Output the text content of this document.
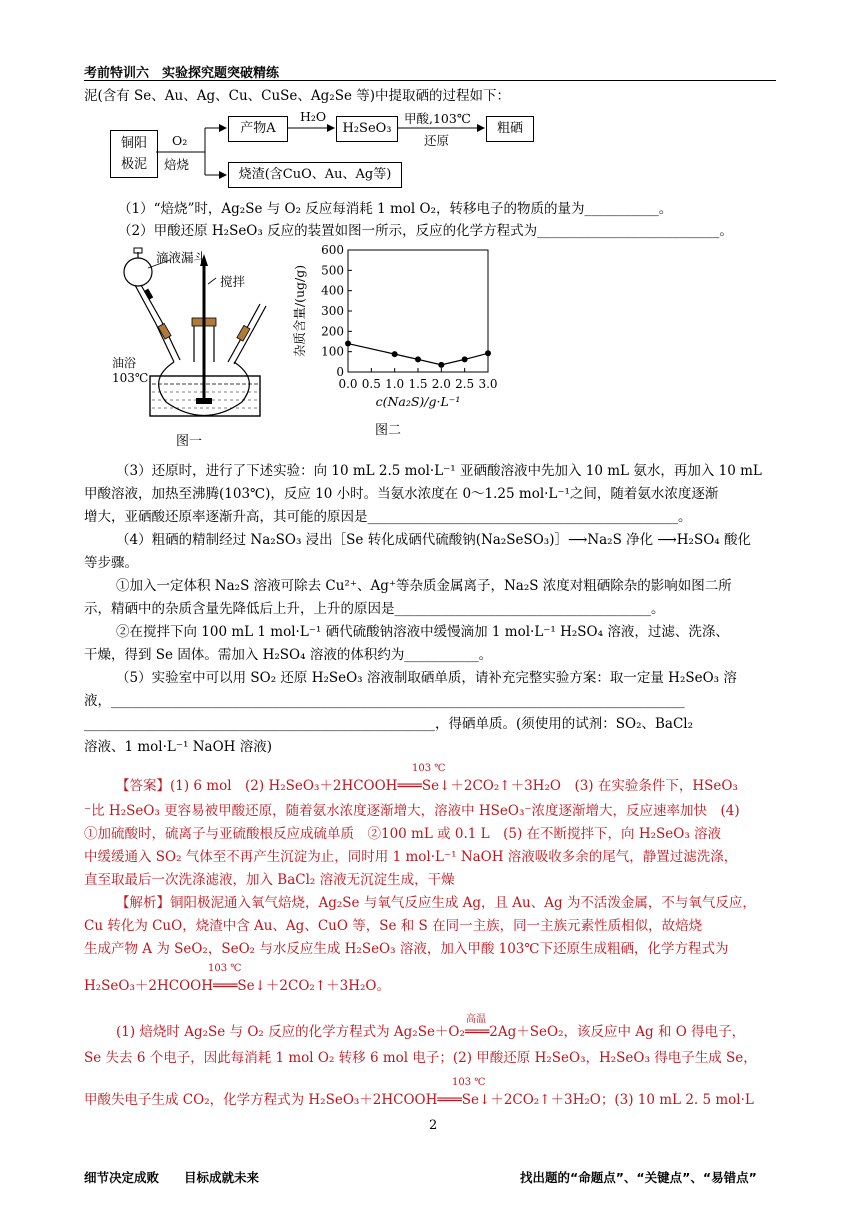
考前特训六　实验探究题突破精练
泥(含有 Se、Au、Ag、Cu、CuSe、Ag₂Se 等)中提取硒的过程如下：
铜阳
极泥
O₂
焙烧
产物A
H₂O
H₂SeO₃
甲酸,103℃
还原
粗硒
烧渣(含CuO、Au、Ag等)
（1）“焙烧”时，Ag₂Se 与 O₂ 反应每消耗 1 mol O₂，转移电子的物质的量为___________。
（2）甲酸还原 H₂SeO₃ 反应的装置如图一所示，反应的化学方程式为___________________________。
滴液漏斗
搅拌
油浴
103℃
图一
0
100
200
300
400
500
600
0.0 0.5 1.0 1.5 2.0 2.5 3.0
c(Na₂S)/g·L⁻¹
杂质含量/(ug/g)
图二
（3）还原时，进行了下述实验：向 10 mL 2.5 mol·L⁻¹ 亚硒酸溶液中先加入 10 mL 氨水，再加入 10 mL
甲酸溶液，加热至沸腾(103℃)，反应 10 小时。当氨水浓度在 0～1.25 mol·L⁻¹之间，随着氨水浓度逐渐
增大，亚硒酸还原率逐渐升高，其可能的原因是______________________________________________。
（4）粗硒的精制经过 Na₂SO₃ 浸出［Se 转化成硒代硫酸钠(Na₂SeSO₃)］⟶Na₂S 净化 ⟶H₂SO₄ 酸化
等步骤。
①加入一定体积 Na₂S 溶液可除去 Cu²⁺、Ag⁺等杂质金属离子，Na₂S 浓度对粗硒除杂的影响如图二所
示，精硒中的杂质含量先降低后上升，上升的原因是______________________________________。
②在搅拌下向 100 mL 1 mol·L⁻¹ 硒代硫酸钠溶液中缓慢滴加 1 mol·L⁻¹ H₂SO₄ 溶液，过滤、洗涤、
干燥，得到 Se 固体。需加入 H₂SO₄ 溶液的体积约为___________。
（5）实验室中可以用 SO₂ 还原 H₂SeO₃ 溶液制取硒单质，请补充完整实验方案：取一定量 H₂SeO₃ 溶
液，_____________________________________________________________________________________
____________________________________________________，得硒单质。(须使用的试剂：SO₂、BaCl₂
溶液、1 mol·L⁻¹ NaOH 溶液)
【答案】(1) 6 mol　(2) H₂SeO₃＋2HCOOH═══Se↓＋2CO₂↑＋3H₂O　(3) 在实验条件下，HSeO₃
103 ℃
⁻比 H₂SeO₃ 更容易被甲酸还原，随着氨水浓度逐渐增大，溶液中 HSeO₃⁻浓度逐渐增大，反应速率加快　(4)
①加硫酸时，硫离子与亚硫酸根反应成硫单质　②100 mL 或 0.1 L　(5) 在不断搅拌下，向 H₂SeO₃ 溶液
中缓缓通入 SO₂ 气体至不再产生沉淀为止，同时用 1 mol·L⁻¹ NaOH 溶液吸收多余的尾气，静置过滤洗涤，
直至取最后一次洗涤滤液，加入 BaCl₂ 溶液无沉淀生成，干燥
【解析】铜阳极泥通入氧气焙烧，Ag₂Se 与氧气反应生成 Ag，且 Au、Ag 为不活泼金属，不与氧气反应，
Cu 转化为 CuO，烧渣中含 Au、Ag、CuO 等，Se 和 S 在同一主族，同一主族元素性质相似，故焙烧
生成产物 A 为 SeO₂，SeO₂ 与水反应生成 H₂SeO₃ 溶液，加入甲酸 103℃下还原生成粗硒，化学方程式为
H₂SeO₃＋2HCOOH═══Se↓＋2CO₂↑＋3H₂O。
103 ℃
(1) 焙烧时 Ag₂Se 与 O₂ 反应的化学方程式为 Ag₂Se＋O₂═══2Ag＋SeO₂，该反应中 Ag 和 O 得电子，
高温
Se 失去 6 个电子，因此每消耗 1 mol O₂ 转移 6 mol 电子；(2) 甲酸还原 H₂SeO₃，H₂SeO₃ 得电子生成 Se，
甲酸失电子生成 CO₂，化学方程式为 H₂SeO₃＋2HCOOH═══Se↓＋2CO₂↑＋3H₂O；(3) 10 mL 2. 5 mol·L
103 ℃
2
细节决定成败　　目标成就未来	找出题的“命题点”、“关键点”、“易错点”
